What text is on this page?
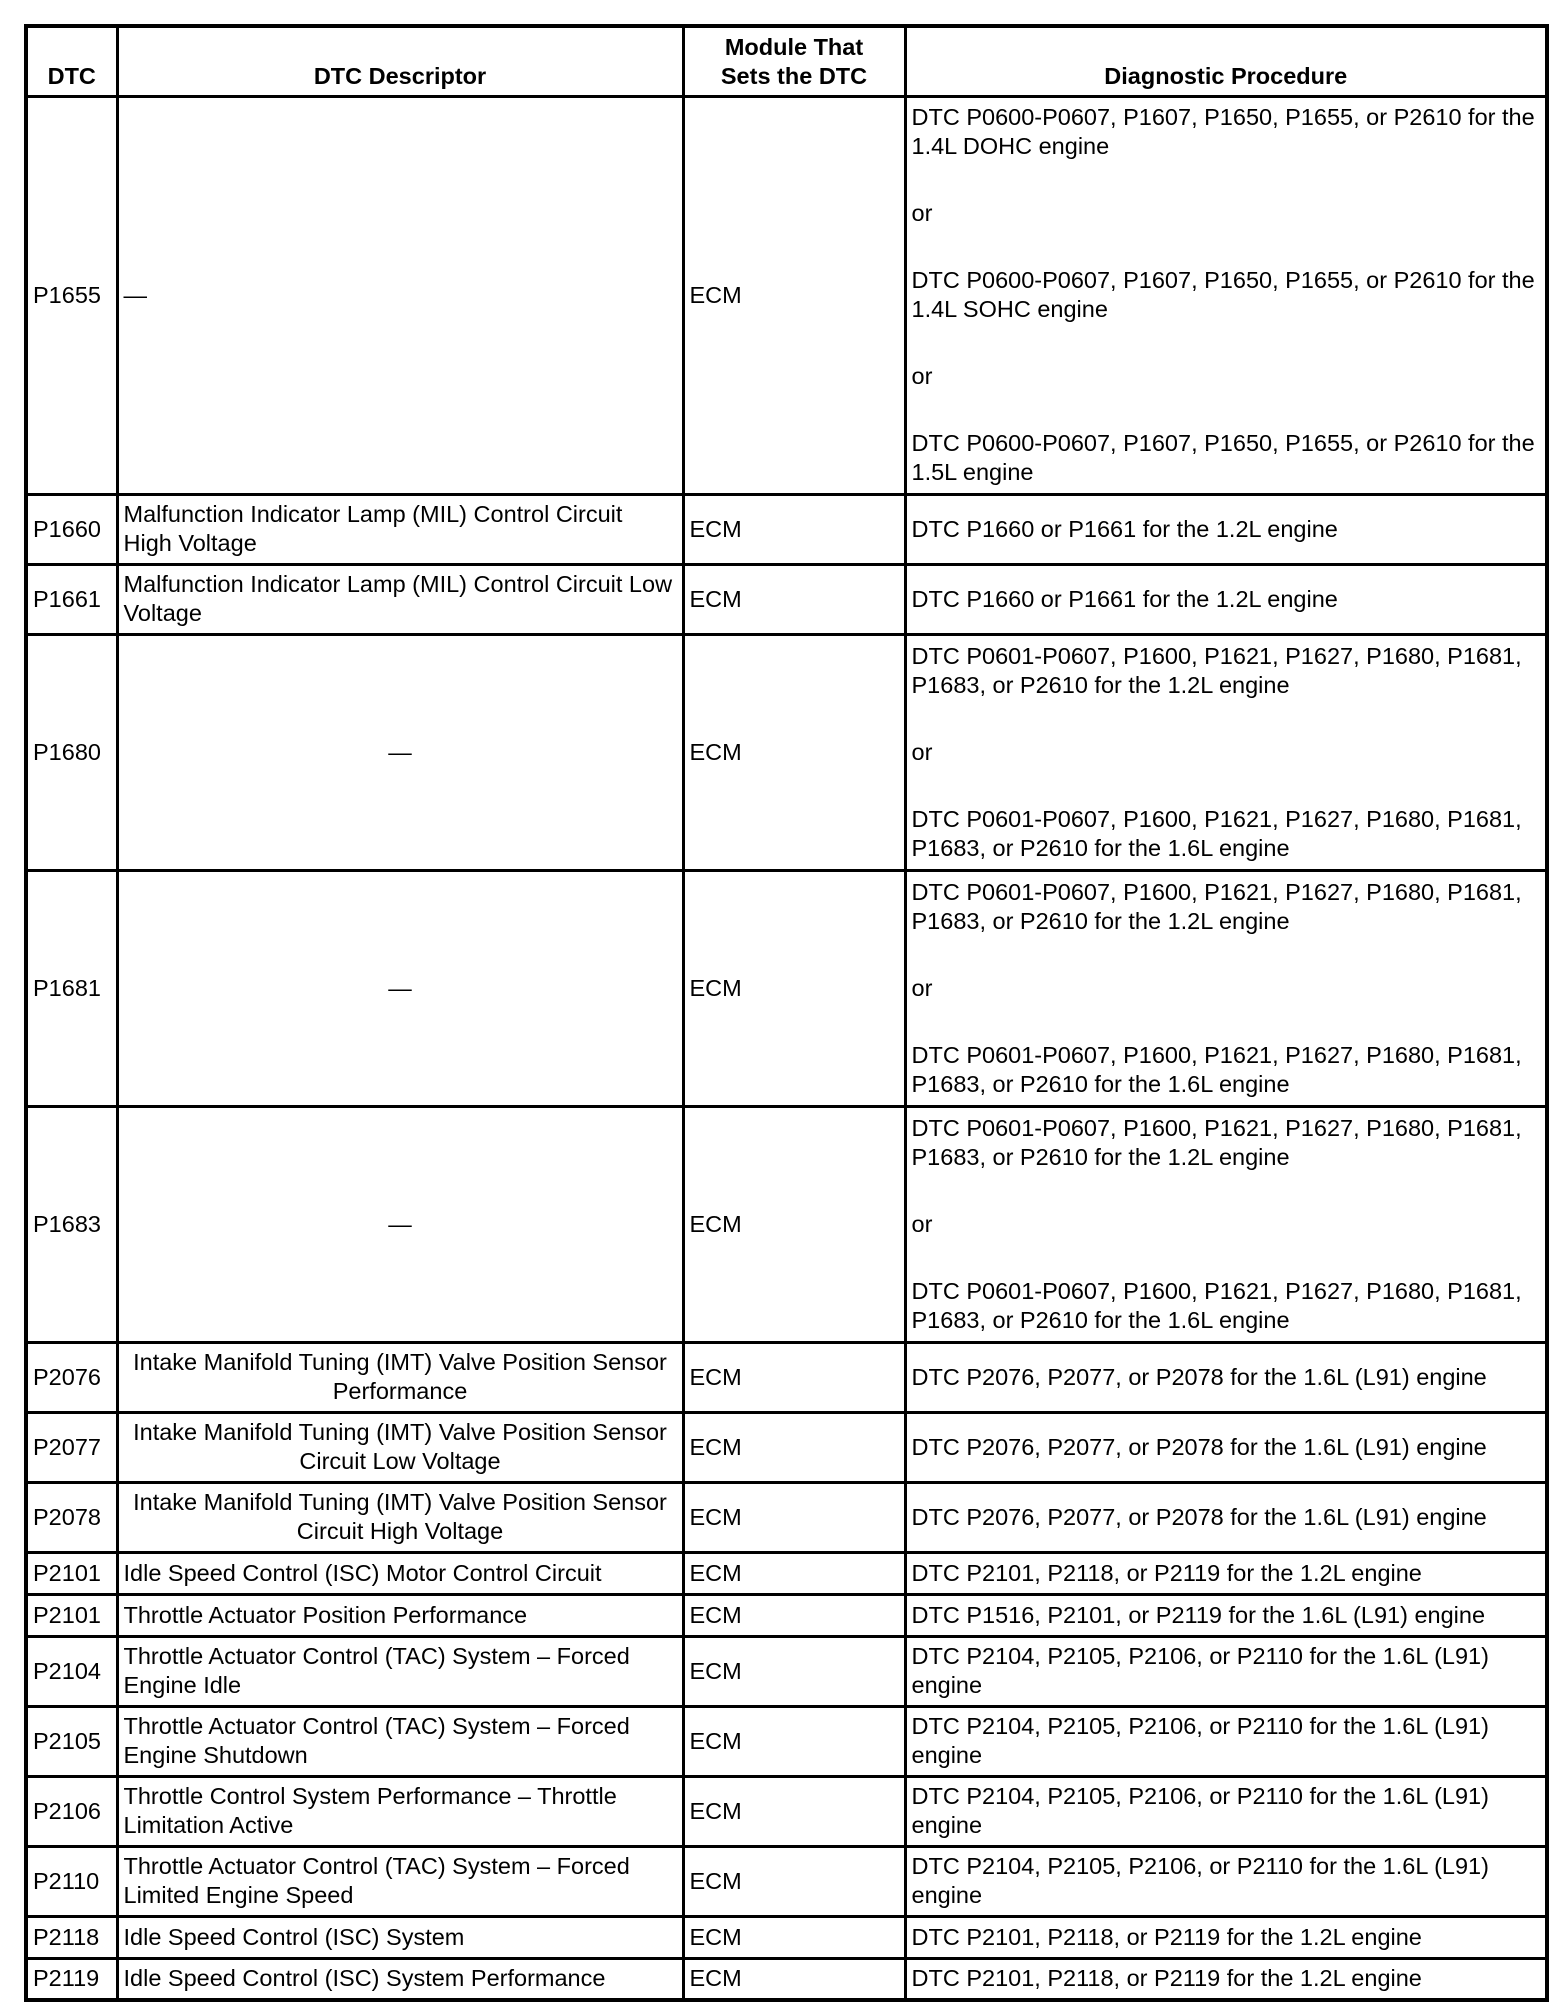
DTC	DTC Descriptor	Module That
Sets the DTC	Diagnostic Procedure
P1655	—	ECM	DTC P0600-P0607, P1607, P1650, P1655, or P2610 for the 1.4L DOHC engine
or
DTC P0600-P0607, P1607, P1650, P1655, or P2610 for the 1.4L SOHC engine
or
DTC P0600-P0607, P1607, P1650, P1655, or P2610 for the 1.5L engine

P1660	Malfunction Indicator Lamp (MIL) Control Circuit High Voltage	ECM	DTC P1660 or P1661 for the 1.2L engine

P1661	Malfunction Indicator Lamp (MIL) Control Circuit Low Voltage	ECM	DTC P1660 or P1661 for the 1.2L engine

P1680	—	ECM	DTC P0601-P0607, P1600, P1621, P1627, P1680, P1681, P1683, or P2610 for the 1.2L engine
or
DTC P0601-P0607, P1600, P1621, P1627, P1680, P1681, P1683, or P2610 for the 1.6L engine

P1681	—	ECM	DTC P0601-P0607, P1600, P1621, P1627, P1680, P1681, P1683, or P2610 for the 1.2L engine
or
DTC P0601-P0607, P1600, P1621, P1627, P1680, P1681, P1683, or P2610 for the 1.6L engine

P1683	—	ECM	DTC P0601-P0607, P1600, P1621, P1627, P1680, P1681, P1683, or P2610 for the 1.2L engine
or
DTC P0601-P0607, P1600, P1621, P1627, P1680, P1681, P1683, or P2610 for the 1.6L engine

P2076	Intake Manifold Tuning (IMT) Valve Position Sensor Performance	ECM	DTC P2076, P2077, or P2078 for the 1.6L (L91) engine

P2077	Intake Manifold Tuning (IMT) Valve Position Sensor Circuit Low Voltage	ECM	DTC P2076, P2077, or P2078 for the 1.6L (L91) engine

P2078	Intake Manifold Tuning (IMT) Valve Position Sensor Circuit High Voltage	ECM	DTC P2076, P2077, or P2078 for the 1.6L (L91) engine

P2101	Idle Speed Control (ISC) Motor Control Circuit	ECM	DTC P2101, P2118, or P2119 for the 1.2L engine

P2101	Throttle Actuator Position Performance	ECM	DTC P1516, P2101, or P2119 for the 1.6L (L91) engine

P2104	Throttle Actuator Control (TAC) System – Forced Engine Idle	ECM	DTC P2104, P2105, P2106, or P2110 for the 1.6L (L91) engine

P2105	Throttle Actuator Control (TAC) System – Forced Engine Shutdown	ECM	DTC P2104, P2105, P2106, or P2110 for the 1.6L (L91) engine

P2106	Throttle Control System Performance – Throttle Limitation Active	ECM	DTC P2104, P2105, P2106, or P2110 for the 1.6L (L91) engine

P2110	Throttle Actuator Control (TAC) System – Forced Limited Engine Speed	ECM	DTC P2104, P2105, P2106, or P2110 for the 1.6L (L91) engine

P2118	Idle Speed Control (ISC) System	ECM	DTC P2101, P2118, or P2119 for the 1.2L engine

P2119	Idle Speed Control (ISC) System Performance	ECM	DTC P2101, P2118, or P2119 for the 1.2L engine
